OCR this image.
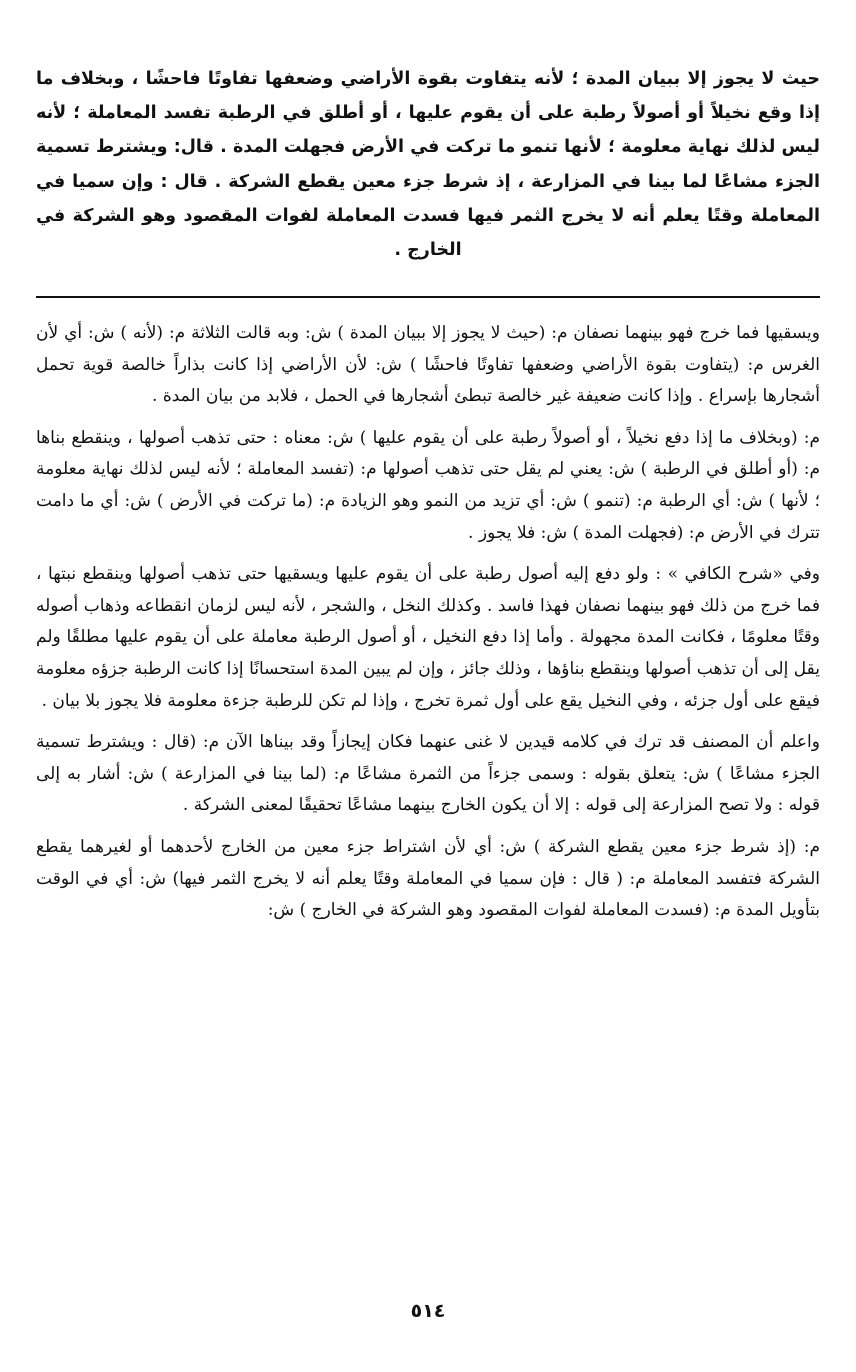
حيث لا يجوز إلا ببيان المدة ؛ لأنه يتفاوت بقوة الأراضي وضعفها تفاوتًا فاحشًا ، وبخلاف ما إذا وقع نخيلاً أو أصولاً رطبة على أن يقوم عليها ، أو أطلق في الرطبة تفسد المعاملة ؛ لأنه ليس لذلك نهاية معلومة ؛ لأنها تنمو ما تركت في الأرض فجهلت المدة . قال: ويشترط تسمية الجزء مشاعًا لما بينا في المزارعة ، إذ شرط جزء معين يقطع الشركة . قال : وإن سميا في المعاملة وقتًا يعلم أنه لا يخرج الثمر فيها فسدت المعاملة لفوات المقصود وهو الشركة في الخارج .

ويسقيها فما خرج فهو بينهما نصفان م: (حيث لا يجوز إلا ببيان المدة ) ش: وبه قالت الثلاثة م: (لأنه ) ش: أي لأن الغرس م: (يتفاوت بقوة الأراضي وضعفها تفاوتًا فاحشًا ) ش: لأن الأراضي إذا كانت بذاراً خالصة قوية تحمل أشجارها بإسراع . وإذا كانت ضعيفة غير خالصة تبطئ أشجارها في الحمل ، فلابد من بيان المدة .

م: (وبخلاف ما إذا دفع نخيلاً ، أو أصولاً رطبة على أن يقوم عليها ) ش: معناه : حتى تذهب أصولها ، وينقطع بناها م: (أو أطلق في الرطبة ) ش: يعني لم يقل حتى تذهب أصولها م: (تفسد المعاملة ؛ لأنه ليس لذلك نهاية معلومة ؛ لأنها ) ش: أي الرطبة م: (تنمو ) ش: أي تزيد من النمو وهو الزيادة م: (ما تركت في الأرض ) ش: أي ما دامت تترك في الأرض م: (فجهلت المدة ) ش: فلا يجوز .

وفي «شرح الكافي » : ولو دفع إليه أصول رطبة على أن يقوم عليها ويسقيها حتى تذهب أصولها وينقطع نبتها ، فما خرج من ذلك فهو بينهما نصفان فهذا فاسد . وكذلك النخل ، والشجر ، لأنه ليس لزمان انقطاعه وذهاب أصوله وقتًا معلومًا ، فكانت المدة مجهولة . وأما إذا دفع النخيل ، أو أصول الرطبة معاملة على أن يقوم عليها مطلقًا ولم يقل إلى أن تذهب أصولها وينقطع بناؤها ، وذلك جائز ، وإن لم يبين المدة استحسانًا إذا كانت الرطبة جزؤه معلومة فيقع على أول جزئه ، وفي النخيل يقع على أول ثمرة تخرج ، وإذا لم تكن للرطبة جزءة معلومة فلا يجوز بلا بيان .

واعلم أن المصنف قد ترك في كلامه قيدين لا غنى عنهما فكان إيجازاً وقد بيناها الآن م: (قال : ويشترط تسمية الجزء مشاعًا ) ش: يتعلق بقوله : وسمى جزءاً من الثمرة مشاعًا م: (لما بينا في المزارعة ) ش: أشار به إلى قوله : ولا تصح المزارعة إلى قوله : إلا أن يكون الخارج بينهما مشاعًا تحقيقًا لمعنى الشركة .

م: (إذ شرط جزء معين يقطع الشركة ) ش: أي لأن اشتراط جزء معين من الخارج لأحدهما أو لغيرهما يقطع الشركة فتفسد المعاملة م: ( قال : فإن سميا في المعاملة وقتًا يعلم أنه لا يخرج الثمر فيها) ش: أي في الوقت بتأويل المدة م: (فسدت المعاملة لفوات المقصود وهو الشركة في الخارج ) ش:

٥١٤
